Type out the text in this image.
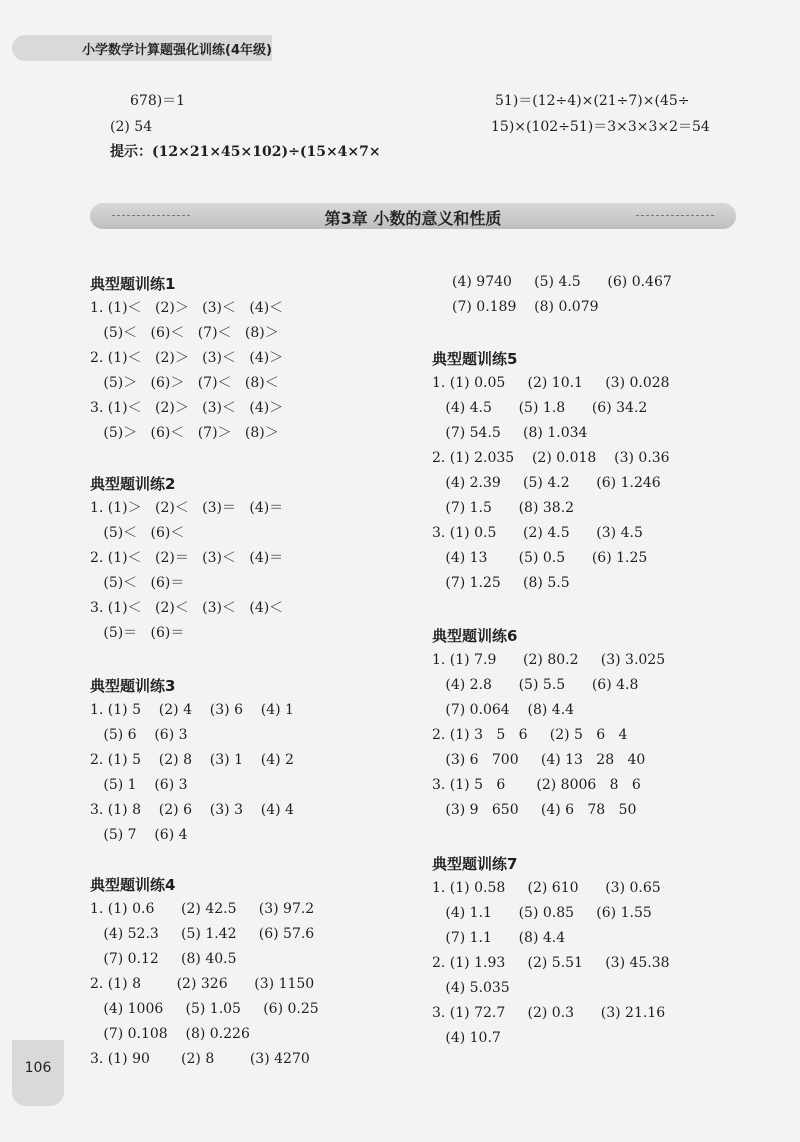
小学数学计算题强化训练(4年级)
678)＝1
(2) 54
提示：(12×21×45×102)÷(15×4×7×
51)＝(12÷4)×(21÷7)×(45÷
15)×(102÷51)＝3×3×3×2＝54
第3章 小数的意义和性质
典型题训练1
1. (1)＜   (2)＞   (3)＜   (4)＜
(5)＜   (6)＜   (7)＜   (8)＞
2. (1)＜   (2)＞   (3)＜   (4)＞
(5)＞   (6)＞   (7)＜   (8)＜
3. (1)＜   (2)＞   (3)＜   (4)＞
(5)＞   (6)＜   (7)＞   (8)＞
典型题训练2
1. (1)＞   (2)＜   (3)＝   (4)＝
(5)＜   (6)＜
2. (1)＜   (2)＝   (3)＜   (4)＝
(5)＜   (6)＝
3. (1)＜   (2)＜   (3)＜   (4)＜
(5)＝   (6)＝
典型题训练3
1. (1) 5    (2) 4    (3) 6    (4) 1
(5) 6    (6) 3
2. (1) 5    (2) 8    (3) 1    (4) 2
(5) 1    (6) 3
3. (1) 8    (2) 6    (3) 3    (4) 4
(5) 7    (6) 4
典型题训练4
1. (1) 0.6      (2) 42.5     (3) 97.2
(4) 52.3     (5) 1.42     (6) 57.6
(7) 0.12     (8) 40.5
2. (1) 8        (2) 326      (3) 1150
(4) 1006     (5) 1.05     (6) 0.25
(7) 0.108    (8) 0.226
3. (1) 90       (2) 8        (3) 4270
(4) 9740     (5) 4.5      (6) 0.467
(7) 0.189    (8) 0.079
典型题训练5
1. (1) 0.05     (2) 10.1     (3) 0.028
(4) 4.5      (5) 1.8      (6) 34.2
(7) 54.5     (8) 1.034
2. (1) 2.035    (2) 0.018    (3) 0.36
(4) 2.39     (5) 4.2      (6) 1.246
(7) 1.5      (8) 38.2
3. (1) 0.5      (2) 4.5      (3) 4.5
(4) 13       (5) 0.5      (6) 1.25
(7) 1.25     (8) 5.5
典型题训练6
1. (1) 7.9      (2) 80.2     (3) 3.025
(4) 2.8      (5) 5.5      (6) 4.8
(7) 0.064    (8) 4.4
2. (1) 3   5   6     (2) 5   6   4
(3) 6   700     (4) 13   28   40
3. (1) 5   6       (2) 8006   8   6
(3) 9   650     (4) 6   78   50
典型题训练7
1. (1) 0.58     (2) 610      (3) 0.65
(4) 1.1      (5) 0.85     (6) 1.55
(7) 1.1      (8) 4.4
2. (1) 1.93     (2) 5.51     (3) 45.38
(4) 5.035
3. (1) 72.7     (2) 0.3      (3) 21.16
(4) 10.7
106
